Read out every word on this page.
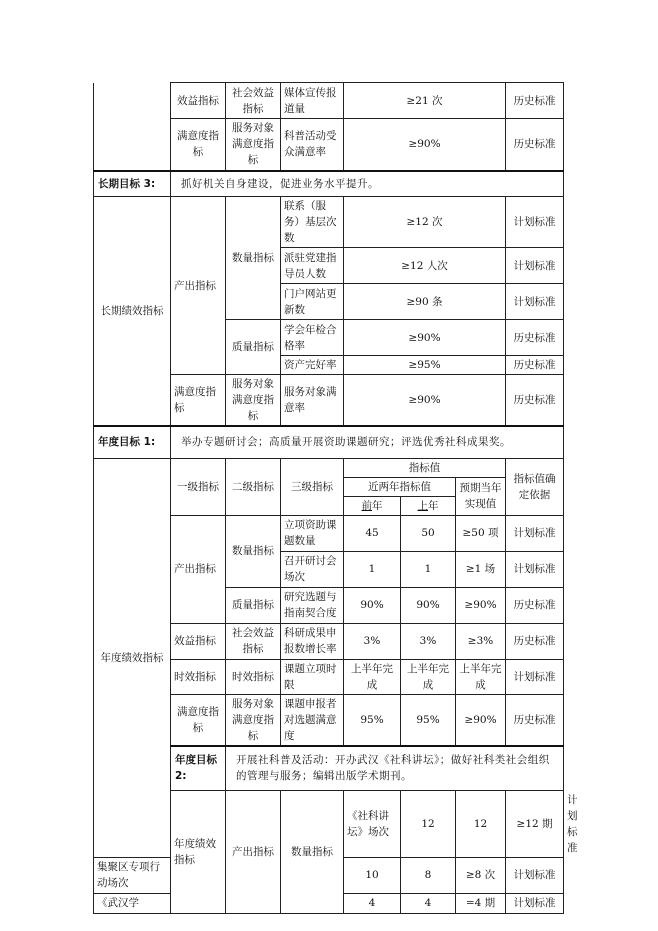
	效益指标	社会效益指标	媒体宣传报道量	≥21 次			历史标准	
	满意度指标	服务对象满意度指标	科普活动受众满意率	≥90%			历史标准	
长期目标 3:	抓好机关自身建设，促进业务水平提升。							
长期绩效指标	产出指标	数量指标	联系（服务）基层次数	≥12 次			计划标准	
			派驻党建指导员人数	≥12 人次			计划标准	
			门户网站更新数	≥90 条			计划标准	
		质量指标	学会年检合格率	≥90%			历史标准	
			资产完好率	≥95%			历史标准	
	满意度指标	服务对象满意度指标	服务对象满意率	≥90%			历史标准	
年度目标 1:	举办专题研讨会；高质量开展资助课题研究；评选优秀社科成果奖。							
年度绩效指标	一级指标	二级指标	三级指标	指标值			指标值确定依据	
				近两年指标值		预期当年实现值		
				前年	上年			
	产出指标	数量指标	立项资助课题数量	45	50	≥50 项	计划标准	
			召开研讨会场次	1	1	≥1 场	计划标准	
		质量指标	研究选题与指南契合度	90%	90%	≥90%	历史标准	
	效益指标	社会效益指标	科研成果申报数增长率	3%	3%	≥3%	历史标准	
	时效指标	时效指标	课题立项时限	上半年完成	上半年完成	上半年完成	计划标准	
	满意度指标	服务对象满意度指标	课题申报者对选题满意度	95%	95%	≥90%	历史标准	
	年度目标 2:	开展社科普及活动：开办武汉《社科讲坛》；做好社科类社会组织的管理与服务；编辑出版学术期刊。						
	年度绩效指标	产出指标	数量指标	《社科讲坛》场次	12	12	≥12 期	计划标准
集聚区专项行动场次				10	8	≥8 次	计划标准	
《武汉学				4	4	=4 期	计划标准	
